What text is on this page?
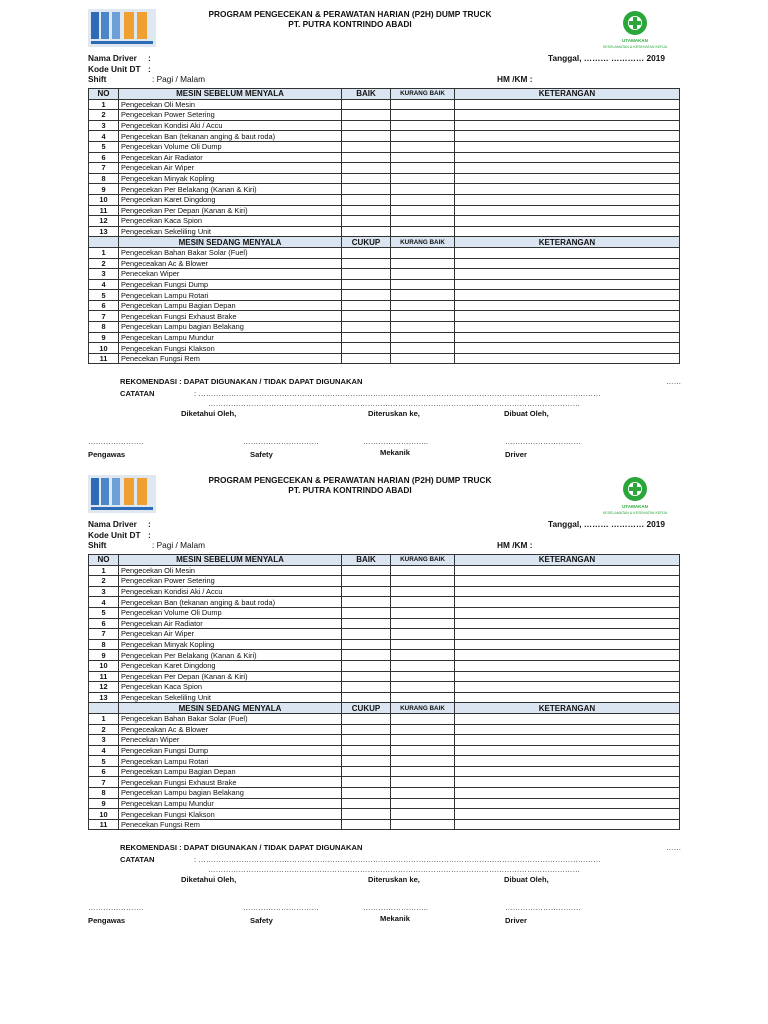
PROGRAM PENGECEKAN & PERAWATAN HARIAN (P2H) DUMP TRUCK
PT. PUTRA KONTRINDO ABADI
UTAMAKAN
KESELAMATAN & KESEHATAN KERJA
Nama Driver :
Kode Unit DT :
Shift	: Pagi / Malam
Tanggal, ……… ………… 2019
HM /KM :
NO	MESIN SEBELUM MENYALA	BAIK	KURANG BAIK	KETERANGAN
1	Pengecekan Oli Mesin			
2	Pengecekan Power Setering			
3	Pengecekan Kondisi Aki / Accu			
4	Pengecekan Ban (tekanan anging & baut roda)			
5	Pengecekan Volume Oli Dump			
6	Pengecekan Air Radiator			
7	Pengecekan Air Wiper			
8	Pengecekan Minyak Kopling			
9	Pengecekan Per Belakang (Kanan & Kiri)			
10	Pengecekan Karet Dingdong			
11	Pengecekan Per Depan (Kanan & Kiri)			
12	Pengecekan Kaca Spion			
13	Pengecekan Sekeliling Unit			
	MESIN SEDANG MENYALA	CUKUP	KURANG BAIK	KETERANGAN
1	Pengecekan Bahan Bakar Solar (Fuel)			
2	Pengeceakan Ac & Blower			
3	Penecekan Wiper			
4	Pengecekan Fungsi Dump			
5	Pengecekan Lampu Rotari			
6	Pengecekan Lampu Bagian Depan			
7	Pengecekan Fungsi Exhaust Brake			
8	Pengecekan Lampu bagian Belakang			
9	Pengecekan Lampu Mundur			
10	Pengecekan Fungsi Klakson			
11	Penecekan Fungsi Rem			
REKOMENDASI : DAPAT DIGUNAKAN / TIDAK DAPAT DIGUNAKAN	……
CATATAN	: ……………………………………………………………………………………………………………………………………………
…………………………………………………………………………………………………………………………………
Diketahui Oleh,	Diteruskan ke,	Dibuat Oleh,
………………….	…………………………	……………………..	…………………………
Pengawas	Safety	Mekanik	Driver
PROGRAM PENGECEKAN & PERAWATAN HARIAN (P2H) DUMP TRUCK
PT. PUTRA KONTRINDO ABADI
UTAMAKAN
KESELAMATAN & KESEHATAN KERJA
Nama Driver :
Kode Unit DT :
Shift	: Pagi / Malam
Tanggal, ……… ………… 2019
HM /KM :
NO	MESIN SEBELUM MENYALA	BAIK	KURANG BAIK	KETERANGAN
1	Pengecekan Oli Mesin			
2	Pengecekan Power Setering			
3	Pengecekan Kondisi Aki / Accu			
4	Pengecekan Ban (tekanan anging & baut roda)			
5	Pengecekan Volume Oli Dump			
6	Pengecekan Air Radiator			
7	Pengecekan Air Wiper			
8	Pengecekan Minyak Kopling			
9	Pengecekan Per Belakang (Kanan & Kiri)			
10	Pengecekan Karet Dingdong			
11	Pengecekan Per Depan (Kanan & Kiri)			
12	Pengecekan Kaca Spion			
13	Pengecekan Sekeliling Unit			
	MESIN SEDANG MENYALA	CUKUP	KURANG BAIK	KETERANGAN
1	Pengecekan Bahan Bakar Solar (Fuel)			
2	Pengeceakan Ac & Blower			
3	Penecekan Wiper			
4	Pengecekan Fungsi Dump			
5	Pengecekan Lampu Rotari			
6	Pengecekan Lampu Bagian Depan			
7	Pengecekan Fungsi Exhaust Brake			
8	Pengecekan Lampu bagian Belakang			
9	Pengecekan Lampu Mundur			
10	Pengecekan Fungsi Klakson			
11	Penecekan Fungsi Rem			
REKOMENDASI : DAPAT DIGUNAKAN / TIDAK DAPAT DIGUNAKAN	……
CATATAN	: ……………………………………………………………………………………………………………………………………………
…………………………………………………………………………………………………………………………………
Diketahui Oleh,	Diteruskan ke,	Dibuat Oleh,
………………….	…………………………	……………………..	…………………………
Pengawas	Safety	Mekanik	Driver
